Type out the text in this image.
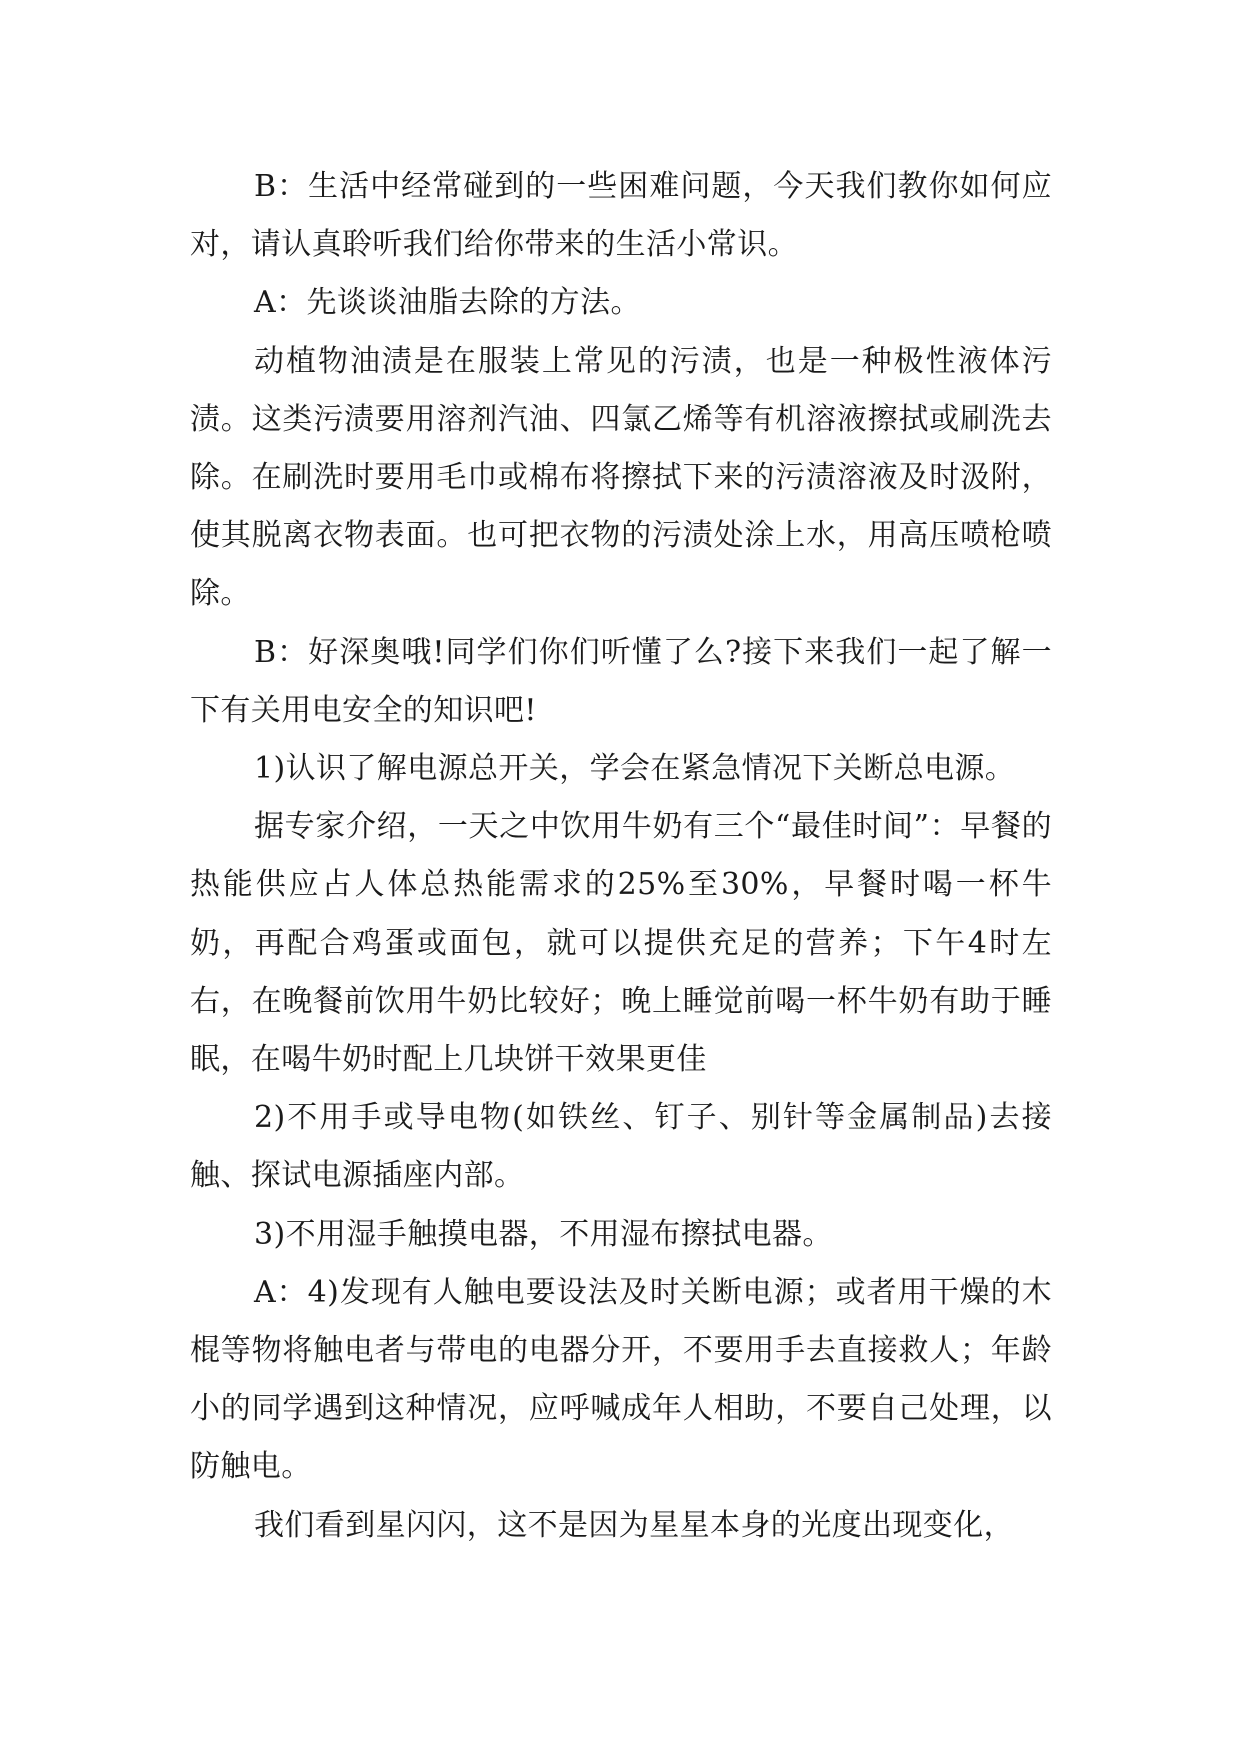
B：生活中经常碰到的一些困难问题，今天我们教你如何应对，请认真聆听我们给你带来的生活小常识。

A：先谈谈油脂去除的方法。

动植物油渍是在服装上常见的污渍，也是一种极性液体污渍。这类污渍要用溶剂汽油、四氯乙烯等有机溶液擦拭或刷洗去除。在刷洗时要用毛巾或棉布将擦拭下来的污渍溶液及时汲附，使其脱离衣物表面。也可把衣物的污渍处涂上水，用高压喷枪喷除。

B：好深奥哦!同学们你们听懂了么?接下来我们一起了解一下有关用电安全的知识吧!

1)认识了解电源总开关，学会在紧急情况下关断总电源。

据专家介绍，一天之中饮用牛奶有三个“最佳时间”：早餐的热能供应占人体总热能需求的25%至30%，早餐时喝一杯牛奶，再配合鸡蛋或面包，就可以提供充足的营养；下午4时左右，在晚餐前饮用牛奶比较好；晚上睡觉前喝一杯牛奶有助于睡眠，在喝牛奶时配上几块饼干效果更佳

2)不用手或导电物(如铁丝、钉子、别针等金属制品)去接触、探试电源插座内部。

3)不用湿手触摸电器，不用湿布擦拭电器。

A：4)发现有人触电要设法及时关断电源；或者用干燥的木棍等物将触电者与带电的电器分开，不要用手去直接救人；年龄小的同学遇到这种情况，应呼喊成年人相助，不要自己处理，以防触电。

我们看到星闪闪，这不是因为星星本身的光度出现变化，
